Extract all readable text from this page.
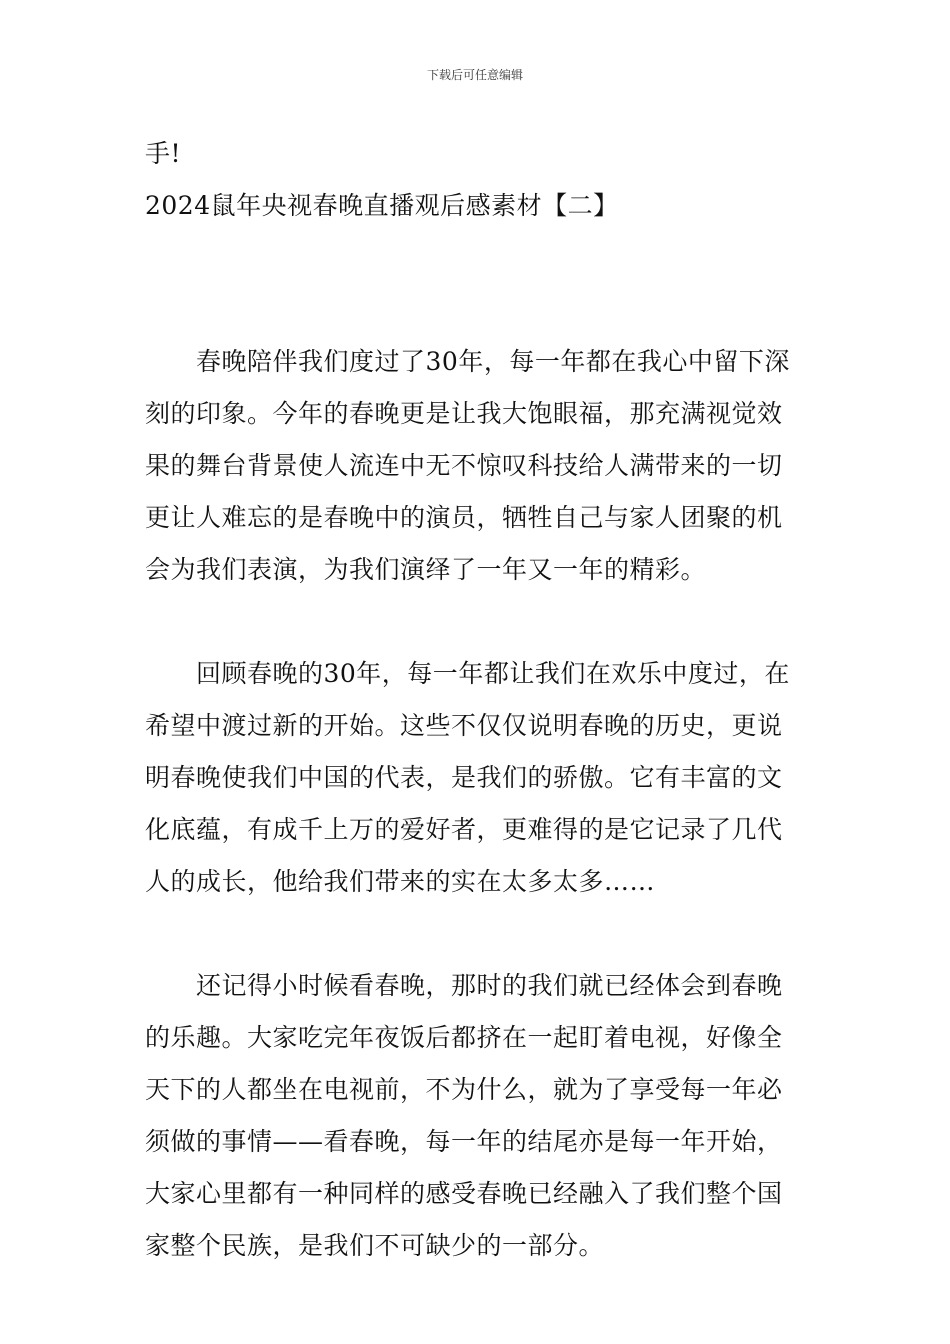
下载后可任意编辑
手!
2024鼠年央视春晚直播观后感素材【二】
　　春晚陪伴我们度过了30年，每一年都在我心中留下深
刻的印象。今年的春晚更是让我大饱眼福，那充满视觉效
果的舞台背景使人流连中无不惊叹科技给人满带来的一切
更让人难忘的是春晚中的演员，牺牲自己与家人团聚的机
会为我们表演，为我们演绎了一年又一年的精彩。
　　回顾春晚的30年，每一年都让我们在欢乐中度过，在
希望中渡过新的开始。这些不仅仅说明春晚的历史，更说
明春晚使我们中国的代表，是我们的骄傲。它有丰富的文
化底蕴，有成千上万的爱好者，更难得的是它记录了几代
人的成长，他给我们带来的实在太多太多……
　　还记得小时候看春晚，那时的我们就已经体会到春晚
的乐趣。大家吃完年夜饭后都挤在一起盯着电视，好像全
天下的人都坐在电视前，不为什么，就为了享受每一年必
须做的事情——看春晚，每一年的结尾亦是每一年开始，
大家心里都有一种同样的感受春晚已经融入了我们整个国
家整个民族，是我们不可缺少的一部分。
